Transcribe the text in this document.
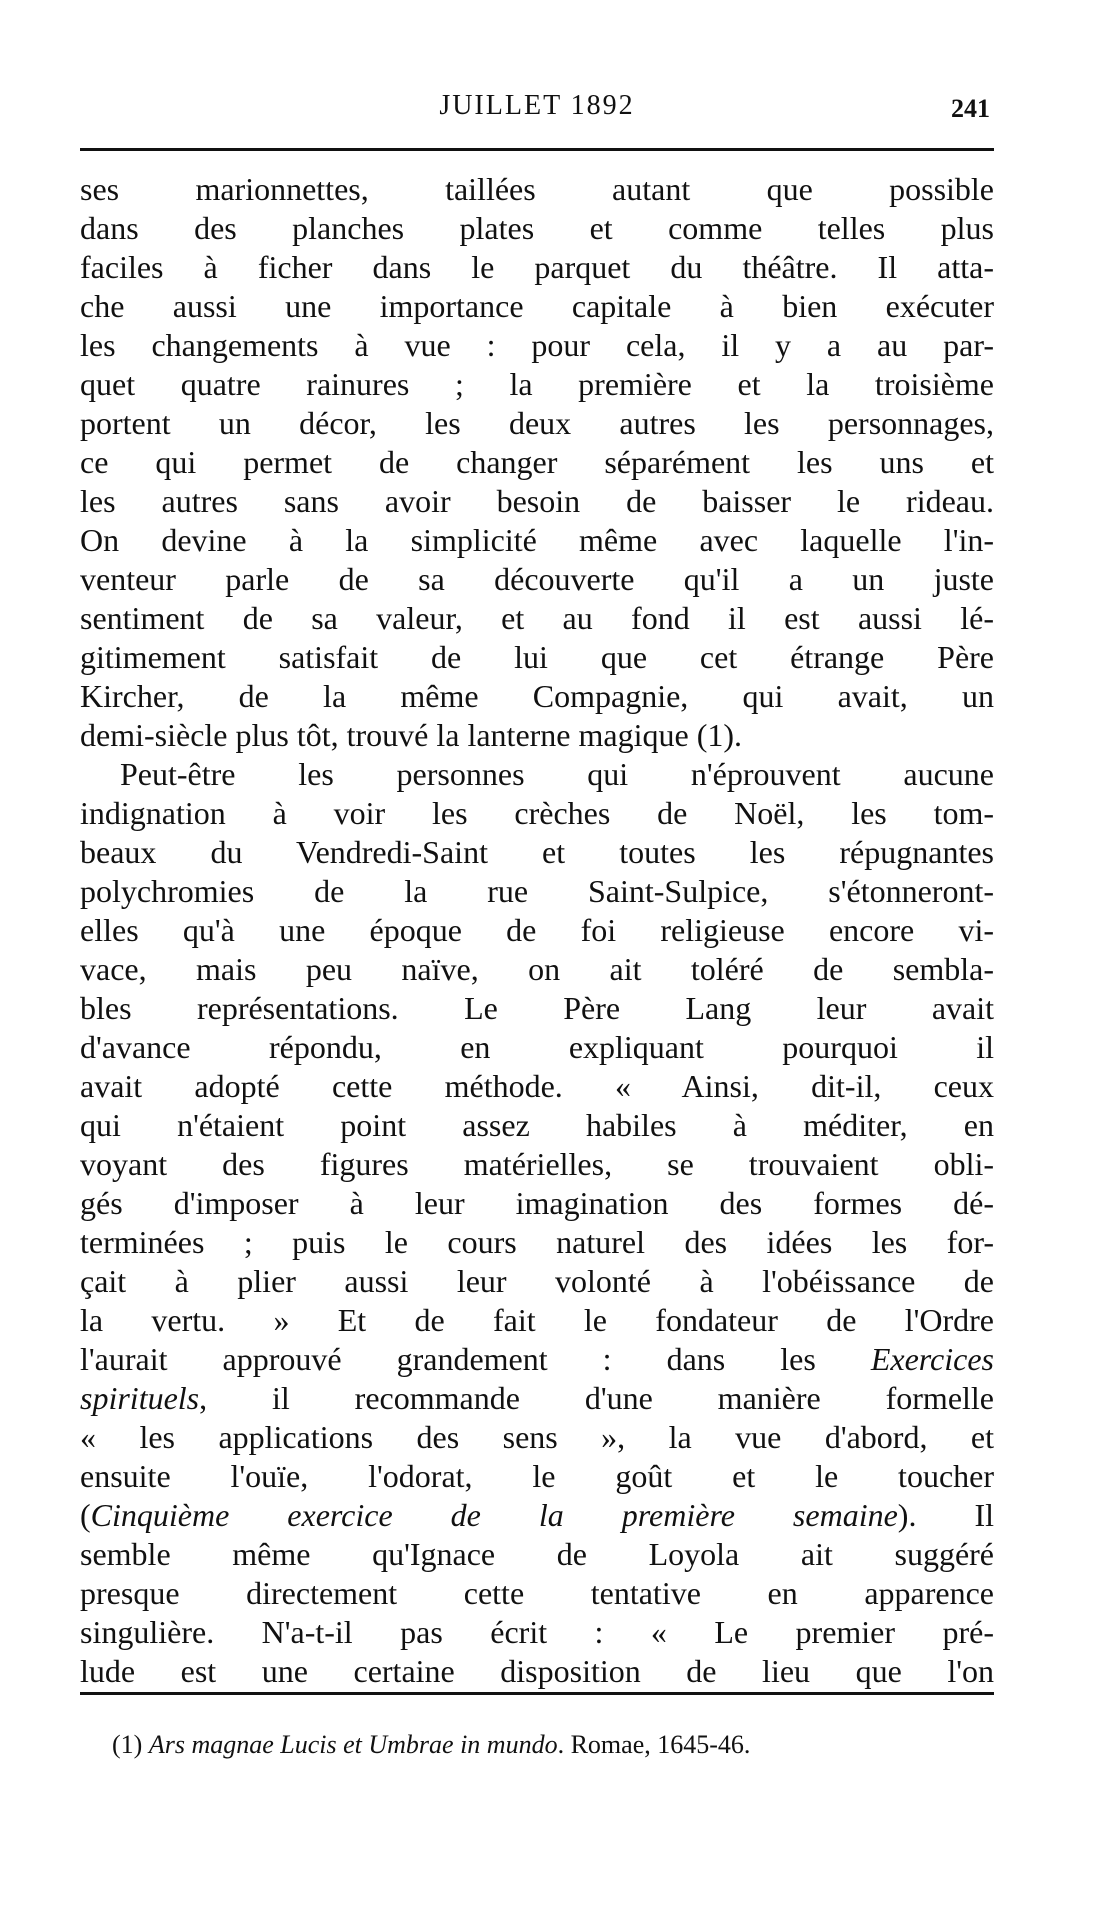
JUILLET 1892	241
ses marionnettes, taillées autant que possible
dans des planches plates et comme telles plus
faciles à ficher dans le parquet du théâtre. Il atta-
che aussi une importance capitale à bien exécuter
les changements à vue : pour cela, il y a au par-
quet quatre rainures ; la première et la troisième
portent un décor, les deux autres les personnages,
ce qui permet de changer séparément les uns et
les autres sans avoir besoin de baisser le rideau.
On devine à la simplicité même avec laquelle l'in-
venteur parle de sa découverte qu'il a un juste
sentiment de sa valeur, et au fond il est aussi lé-
gitimement satisfait de lui que cet étrange Père
Kircher, de la même Compagnie, qui avait, un
demi-siècle plus tôt, trouvé la lanterne magique (1).
Peut-être les personnes qui n'éprouvent aucune
indignation à voir les crèches de Noël, les tom-
beaux du Vendredi-Saint et toutes les répugnantes
polychromies de la rue Saint-Sulpice, s'étonneront-
elles qu'à une époque de foi religieuse encore vi-
vace, mais peu naïve, on ait toléré de sembla-
bles représentations. Le Père Lang leur avait
d'avance répondu, en expliquant pourquoi il
avait adopté cette méthode. « Ainsi, dit-il, ceux
qui n'étaient point assez habiles à méditer, en
voyant des figures matérielles, se trouvaient obli-
gés d'imposer à leur imagination des formes dé-
terminées ; puis le cours naturel des idées les for-
çait à plier aussi leur volonté à l'obéissance de
la vertu. » Et de fait le fondateur de l'Ordre
l'aurait approuvé grandement : dans les Exercices
spirituels, il recommande d'une manière formelle
« les applications des sens », la vue d'abord, et
ensuite l'ouïe, l'odorat, le goût et le toucher
(Cinquième exercice de la première semaine). Il
semble même qu'Ignace de Loyola ait suggéré
presque directement cette tentative en apparence
singulière. N'a-t-il pas écrit : « Le premier pré-
lude est une certaine disposition de lieu que l'on
(1) Ars magnae Lucis et Umbrae in mundo. Romae, 1645-46.
